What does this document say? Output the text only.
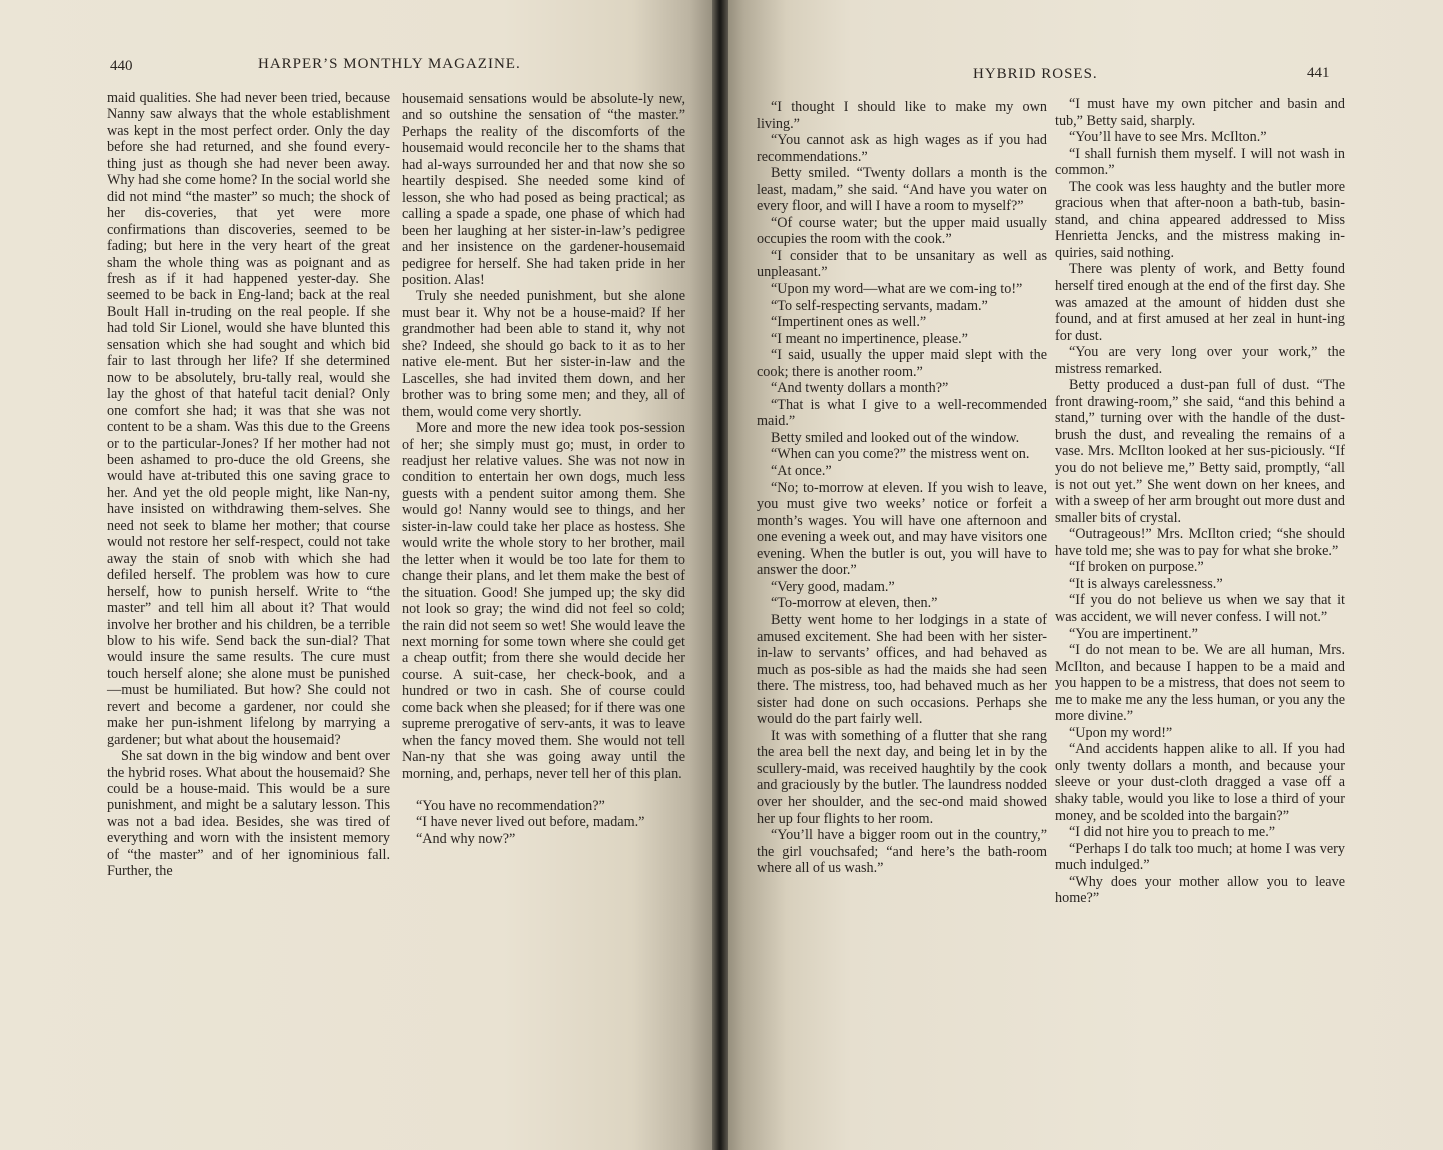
440	HARPER’S MONTHLY MAGAZINE.

maid qualities. She had never been tried, because Nanny saw always that the whole establishment was kept in the most perfect order. Only the day before she had returned, and she found every-thing just as though she had never been away. Why had she come home? In the social world she did not mind “the master” so much; the shock of her dis-coveries, that yet were more confirmations than discoveries, seemed to be fading; but here in the very heart of the great sham the whole thing was as poignant and as fresh as if it had happened yester-day. She seemed to be back in Eng-land; back at the real Boult Hall in-truding on the real people. If she had told Sir Lionel, would she have blunted this sensation which she had sought and which bid fair to last through her life? If she determined now to be absolutely, bru-tally real, would she lay the ghost of that hateful tacit denial? Only one comfort she had; it was that she was not content to be a sham. Was this due to the Greens or to the particular-Jones? If her mother had not been ashamed to pro-duce the old Greens, she would have at-tributed this one saving grace to her. And yet the old people might, like Nan-ny, have insisted on withdrawing them-selves. She need not seek to blame her mother; that course would not restore her self-respect, could not take away the stain of snob with which she had defiled herself. The problem was how to cure herself, how to punish herself. Write to “the master” and tell him all about it? That would involve her brother and his children, be a terrible blow to his wife. Send back the sun-dial? That would insure the same results. The cure must touch herself alone; she alone must be punished—must be humiliated. But how? She could not revert and become a gardener, nor could she make her pun-ishment lifelong by marrying a gardener; but what about the housemaid?

She sat down in the big window and bent over the hybrid roses. What about the housemaid? She could be a house-maid. This would be a sure punishment, and might be a salutary lesson. This was not a bad idea. Besides, she was tired of everything and worn with the insistent memory of “the master” and of her ignominious fall. Further, the

housemaid sensations would be absolute-ly new, and so outshine the sensation of “the master.” Perhaps the reality of the discomforts of the housemaid would reconcile her to the shams that had al-ways surrounded her and that now she so heartily despised. She needed some kind of lesson, she who had posed as being practical; as calling a spade a spade, one phase of which had been her laughing at her sister-in-law’s pedigree and her insistence on the gardener-housemaid pedigree for herself. She had taken pride in her position. Alas!

Truly she needed punishment, but she alone must bear it. Why not be a house-maid? If her grandmother had been able to stand it, why not she? Indeed, she should go back to it as to her native ele-ment. But her sister-in-law and the Lascelles, she had invited them down, and her brother was to bring some men; and they, all of them, would come very shortly.

More and more the new idea took pos-session of her; she simply must go; must, in order to readjust her relative values. She was not now in condition to entertain her own dogs, much less guests with a pendent suitor among them. She would go! Nanny would see to things, and her sister-in-law could take her place as hostess. She would write the whole story to her brother, mail the letter when it would be too late for them to change their plans, and let them make the best of the situation. Good! She jumped up; the sky did not look so gray; the wind did not feel so cold; the rain did not seem so wet! She would leave the next morning for some town where she could get a cheap outfit; from there she would decide her course. A suit-case, her check-book, and a hundred or two in cash. She of course could come back when she pleased; for if there was one supreme prerogative of serv-ants, it was to leave when the fancy moved them. She would not tell Nan-ny that she was going away until the morning, and, perhaps, never tell her of this plan.

“You have no recommendation?”

“I have never lived out before, madam.”

“And why now?”

HYBRID ROSES.	441

“I thought I should like to make my own living.”

“You cannot ask as high wages as if you had recommendations.”

Betty smiled. “Twenty dollars a month is the least, madam,” she said. “And have you water on every floor, and will I have a room to myself?”

“Of course water; but the upper maid usually occupies the room with the cook.”

“I consider that to be unsanitary as well as unpleasant.”

“Upon my word—what are we com-ing to!”

“To self-respecting servants, madam.”

“Impertinent ones as well.”

“I meant no impertinence, please.”

“I said, usually the upper maid slept with the cook; there is another room.”

“And twenty dollars a month?”

“That is what I give to a well-recommended maid.”

Betty smiled and looked out of the window.

“When can you come?” the mistress went on.

“At once.”

“No; to-morrow at eleven. If you wish to leave, you must give two weeks’ notice or forfeit a month’s wages. You will have one afternoon and one evening a week out, and may have visitors one evening. When the butler is out, you will have to answer the door.”

“Very good, madam.”

“To-morrow at eleven, then.”

Betty went home to her lodgings in a state of amused excitement. She had been with her sister-in-law to servants’ offices, and had behaved as much as pos-sible as had the maids she had seen there. The mistress, too, had behaved much as her sister had done on such occasions. Perhaps she would do the part fairly well.

It was with something of a flutter that she rang the area bell the next day, and being let in by the scullery-maid, was received haughtily by the cook and graciously by the butler. The laundress nodded over her shoulder, and the sec-ond maid showed her up four flights to her room.

“You’ll have a bigger room out in the country,” the girl vouchsafed; “and here’s the bath-room where all of us wash.”

“I must have my own pitcher and basin and tub,” Betty said, sharply.

“You’ll have to see Mrs. McIlton.”

“I shall furnish them myself. I will not wash in common.”

The cook was less haughty and the butler more gracious when that after-noon a bath-tub, basin-stand, and china appeared addressed to Miss Henrietta Jencks, and the mistress making in-quiries, said nothing.

There was plenty of work, and Betty found herself tired enough at the end of the first day. She was amazed at the amount of hidden dust she found, and at first amused at her zeal in hunt-ing for dust.

“You are very long over your work,” the mistress remarked.

Betty produced a dust-pan full of dust. “The front drawing-room,” she said, “and this behind a stand,” turning over with the handle of the dust-brush the dust, and revealing the remains of a vase. Mrs. McIlton looked at her sus-piciously. “If you do not believe me,” Betty said, promptly, “all is not out yet.” She went down on her knees, and with a sweep of her arm brought out more dust and smaller bits of crystal.

“Outrageous!” Mrs. McIlton cried; “she should have told me; she was to pay for what she broke.”

“If broken on purpose.”

“It is always carelessness.”

“If you do not believe us when we say that it was accident, we will never confess. I will not.”

“You are impertinent.”

“I do not mean to be. We are all human, Mrs. McIlton, and because I happen to be a maid and you happen to be a mistress, that does not seem to me to make me any the less human, or you any the more divine.”

“Upon my word!”

“And accidents happen alike to all. If you had only twenty dollars a month, and because your sleeve or your dust-cloth dragged a vase off a shaky table, would you like to lose a third of your money, and be scolded into the bargain?”

“I did not hire you to preach to me.”

“Perhaps I do talk too much; at home I was very much indulged.”

“Why does your mother allow you to leave home?”
